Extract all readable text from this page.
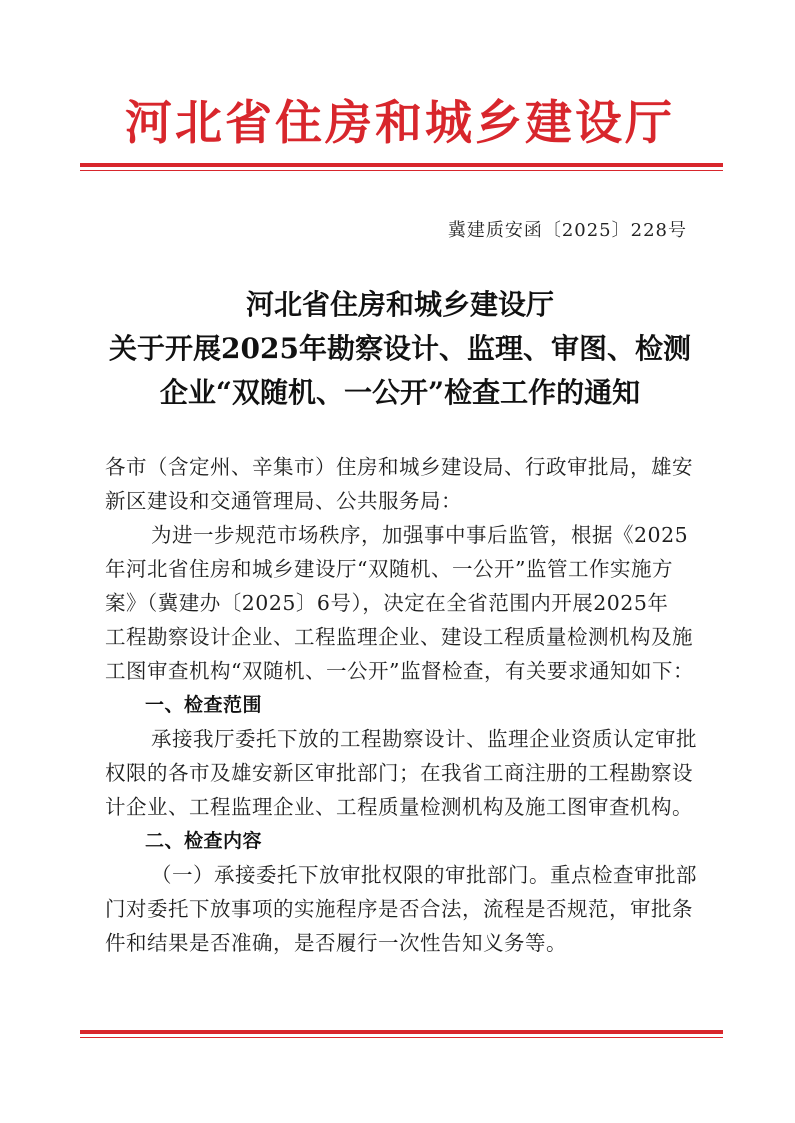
河北省住房和城乡建设厅
冀建质安函〔2025〕228号
河北省住房和城乡建设厅
关于开展2025年勘察设计、监理、审图、检测
企业“双随机、一公开”检查工作的通知
各市（含定州、辛集市）住房和城乡建设局、行政审批局，雄安
新区建设和交通管理局、公共服务局：
为进一步规范市场秩序，加强事中事后监管，根据《2025
年河北省住房和城乡建设厅“双随机、一公开”监管工作实施方
案》（冀建办〔2025〕6号），决定在全省范围内开展2025年
工程勘察设计企业、工程监理企业、建设工程质量检测机构及施
工图审查机构“双随机、一公开”监督检查，有关要求通知如下：
一、检查范围
承接我厅委托下放的工程勘察设计、监理企业资质认定审批
权限的各市及雄安新区审批部门；在我省工商注册的工程勘察设
计企业、工程监理企业、工程质量检测机构及施工图审查机构。
二、检查内容
（一）承接委托下放审批权限的审批部门。重点检查审批部
门对委托下放事项的实施程序是否合法，流程是否规范，审批条
件和结果是否准确，是否履行一次性告知义务等。
